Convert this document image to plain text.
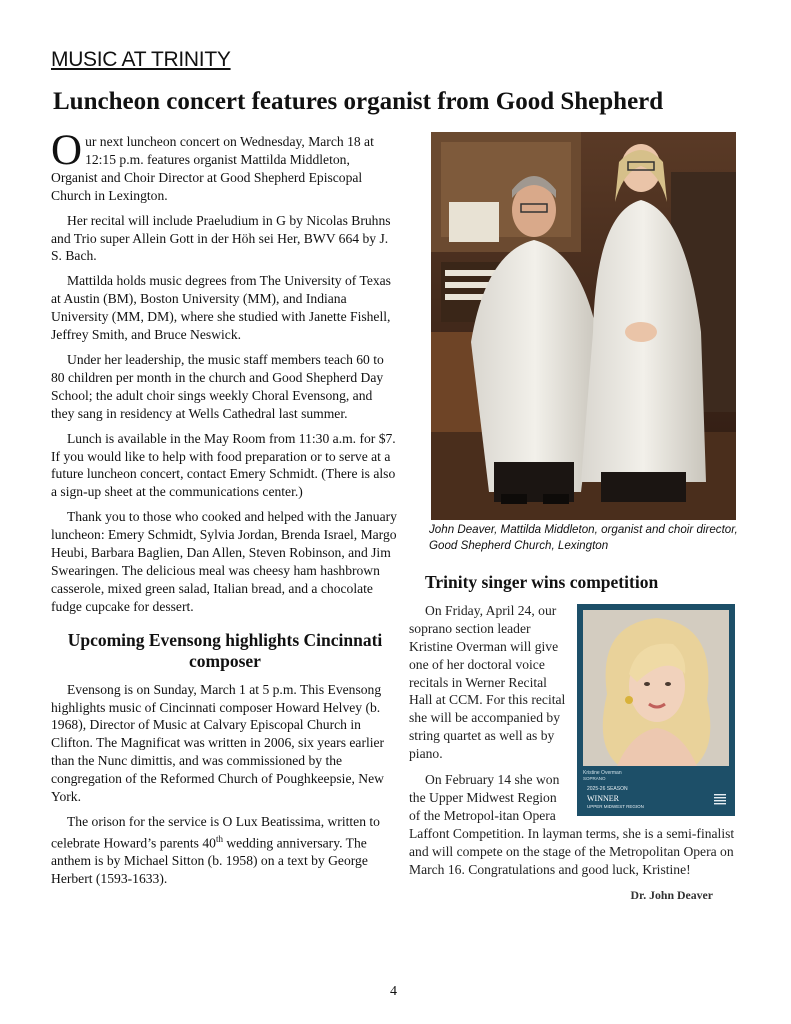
MUSIC AT TRINITY
Luncheon concert features organist from Good Shepherd

Our next luncheon concert on Wednesday, March 18 at 12:15 p.m. features organist Mattilda Middleton, Organist and Choir Director at Good Shepherd Episcopal Church in Lexington.

Her recital will include Praeludium in G by Nicolas Bruhns and Trio super Allein Gott in der Höh sei Her, BWV 664 by J. S. Bach.

Mattilda holds music degrees from The University of Texas at Austin (BM), Boston University (MM), and Indiana University (MM, DM), where she studied with Janette Fishell, Jeffrey Smith, and Bruce Neswick.

Under her leadership, the music staff members teach 60 to 80 children per month in the church and Good Shepherd Day School; the adult choir sings weekly Choral Evensong, and they sang in residency at Wells Cathedral last summer.

Lunch is available in the May Room from 11:30 a.m. for $7. If you would like to help with food preparation or to serve at a future luncheon concert, contact Emery Schmidt. (There is also a sign-up sheet at the communications center.)

Thank you to those who cooked and helped with the January luncheon: Emery Schmidt, Sylvia Jordan, Brenda Israel, Margo Heubi, Barbara Baglien, Dan Allen, Steven Robinson, and Jim Swearingen. The delicious meal was cheesy ham hashbrown casserole, mixed green salad, Italian bread, and a chocolate fudge cupcake for dessert.

Upcoming Evensong highlights Cincinnati composer

Evensong is on Sunday, March 1 at 5 p.m. This Evensong highlights music of Cincinnati composer Howard Helvey (b. 1968), Director of Music at Calvary Episcopal Church in Clifton. The Magnificat was written in 2006, six years earlier than the Nunc dimittis, and was commissioned by the congregation of the Reformed Church of Poughkeepsie, New York.

The orison for the service is O Lux Beatissima, written to celebrate Howard’s parents 40th wedding anniversary. The anthem is by Michael Sitton (b. 1958) on a text by George Herbert (1593-1633).

John Deaver, Mattilda Middleton, organist and choir director, Good Shepherd Church, Lexington
Trinity singer wins competition

Kristine Overman
SOPRANO
2025-26 SEASON
WINNER
UPPER MIDWEST REGION
On Friday, April 24, our soprano section leader Kristine Overman will give one of her doctoral voice recitals in Werner Recital Hall at CCM. For this recital she will be accompanied by string quartet as well as by piano.

On February 14 she won the Upper Midwest Region of the Metropol-itan Opera Laffont Competition. In layman terms, she is a semi-finalist and will compete on the stage of the Metropolitan Opera on March 16. Congratulations and good luck, Kristine!

Dr. John Deaver
4
